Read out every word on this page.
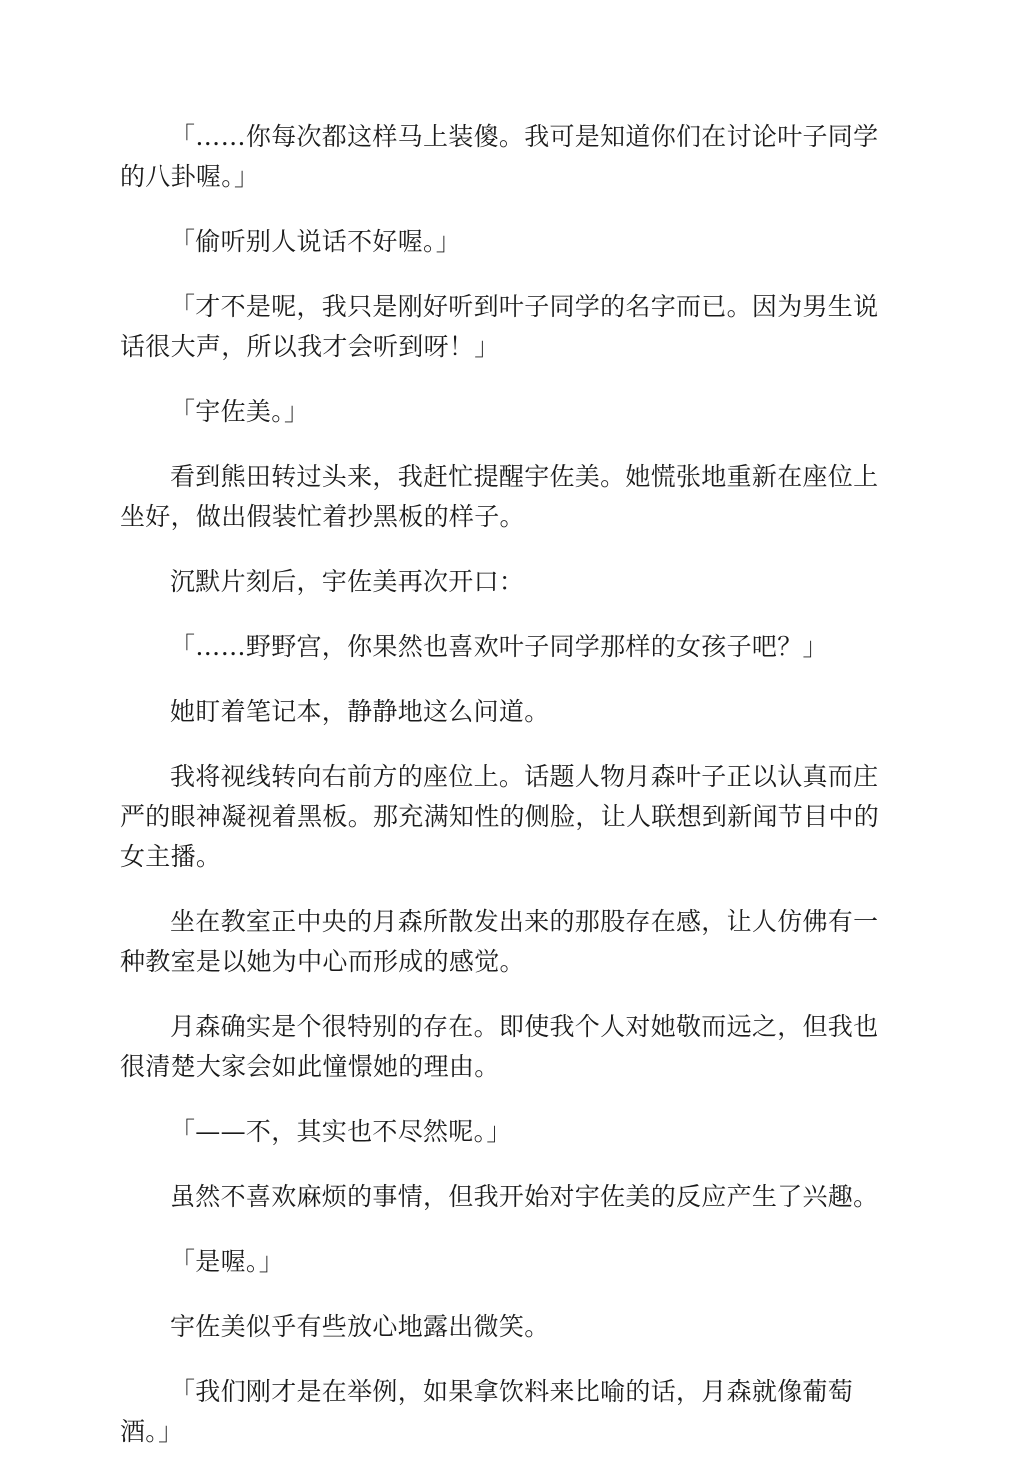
「……你每次都这样马上装傻。我可是知道你们在讨论叶子同学的八卦喔。」

「偷听别人说话不好喔。」

「才不是呢，我只是刚好听到叶子同学的名字而已。因为男生说话很大声，所以我才会听到呀！」

「宇佐美。」

看到熊田转过头来，我赶忙提醒宇佐美。她慌张地重新在座位上坐好，做出假装忙着抄黑板的样子。

沉默片刻后，宇佐美再次开口：

「……野野宫，你果然也喜欢叶子同学那样的女孩子吧？」

她盯着笔记本，静静地这么问道。

我将视线转向右前方的座位上。话题人物月森叶子正以认真而庄严的眼神凝视着黑板。那充满知性的侧脸，让人联想到新闻节目中的女主播。

坐在教室正中央的月森所散发出来的那股存在感，让人仿佛有一种教室是以她为中心而形成的感觉。

月森确实是个很特别的存在。即使我个人对她敬而远之，但我也很清楚大家会如此憧憬她的理由。

「——不，其实也不尽然呢。」

虽然不喜欢麻烦的事情，但我开始对宇佐美的反应产生了兴趣。

「是喔。」

宇佐美似乎有些放心地露出微笑。

「我们刚才是在举例，如果拿饮料来比喻的话，月森就像葡萄酒。」
